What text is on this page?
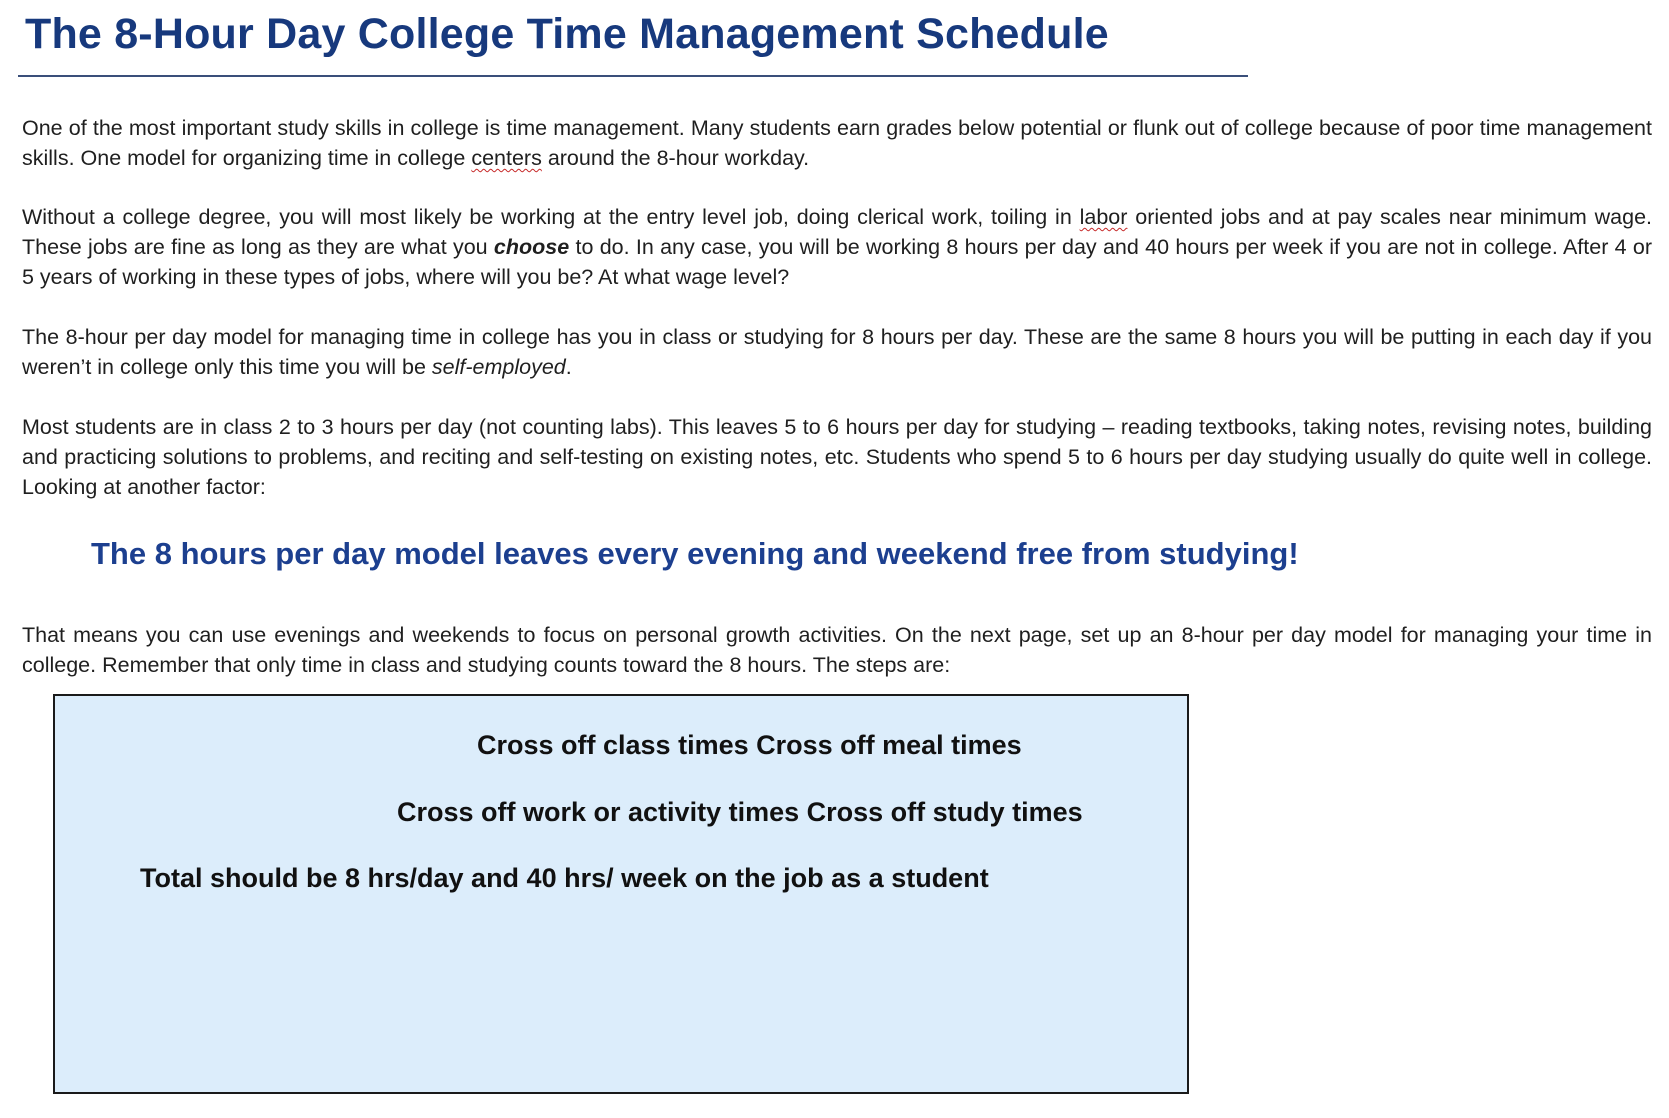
The 8-Hour Day College Time Management Schedule

One of the most important study skills in college is time management. Many students earn grades below potential or flunk out of college because of poor time management skills. One model for organizing time in college centers around the 8-hour workday.

Without a college degree, you will most likely be working at the entry level job, doing clerical work, toiling in labor oriented jobs and at pay scales near minimum wage. These jobs are fine as long as they are what you choose to do. In any case, you will be working 8 hours per day and 40 hours per week if you are not in college. After 4 or 5 years of working in these types of jobs, where will you be? At what wage level?

The 8-hour per day model for managing time in college has you in class or studying for 8 hours per day. These are the same 8 hours you will be putting in each day if you weren’t in college only this time you will be self-employed.

Most students are in class 2 to 3 hours per day (not counting labs). This leaves 5 to 6 hours per day for studying – reading textbooks, taking notes, revising notes, building and practicing solutions to problems, and reciting and self-testing on existing notes, etc. Students who spend 5 to 6 hours per day studying usually do quite well in college. Looking at another factor:

The 8 hours per day model leaves every evening and weekend free from studying!

That means you can use evenings and weekends to focus on personal growth activities. On the next page, set up an 8-hour per day model for managing your time in college. Remember that only time in class and studying counts toward the 8 hours. The steps are:

Cross off class times Cross off meal times

Cross off work or activity times Cross off study times

Total should be 8 hrs/day and 40 hrs/ week on the job as a student
